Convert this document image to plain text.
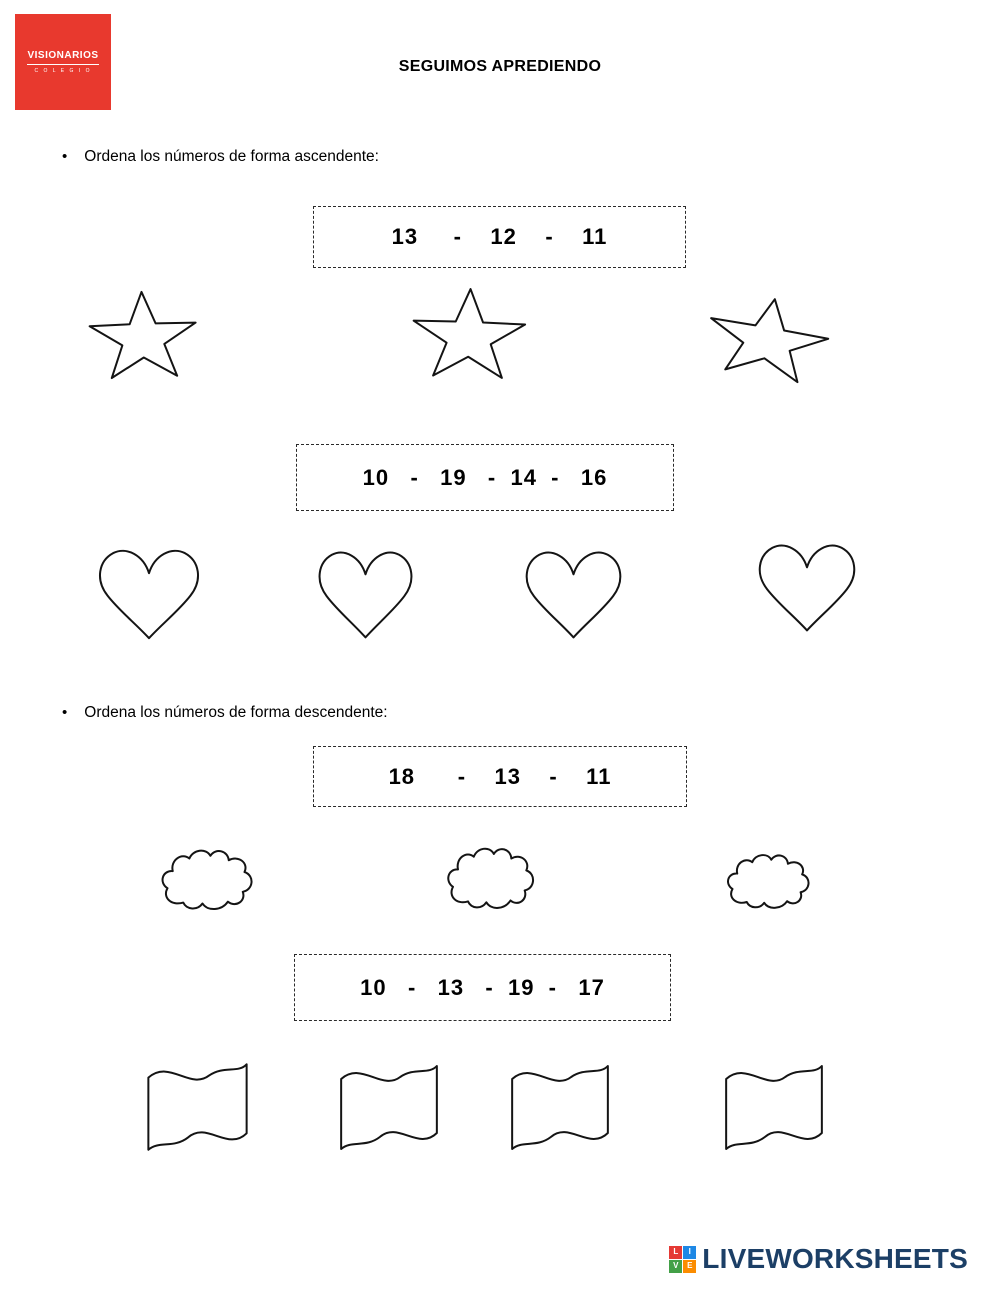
VISIONARIOS
C O L E G I O	SEGUIMOS APREDIENDO
• Ordena los números de forma ascendente:
13     -    12    -    11
10   -   19   -  14  -   16
• Ordena los números de forma descendente:
18      -    13    -    11
10   -   13   -  19  -   17
L	I
V	E LIVEWORKSHEETS
